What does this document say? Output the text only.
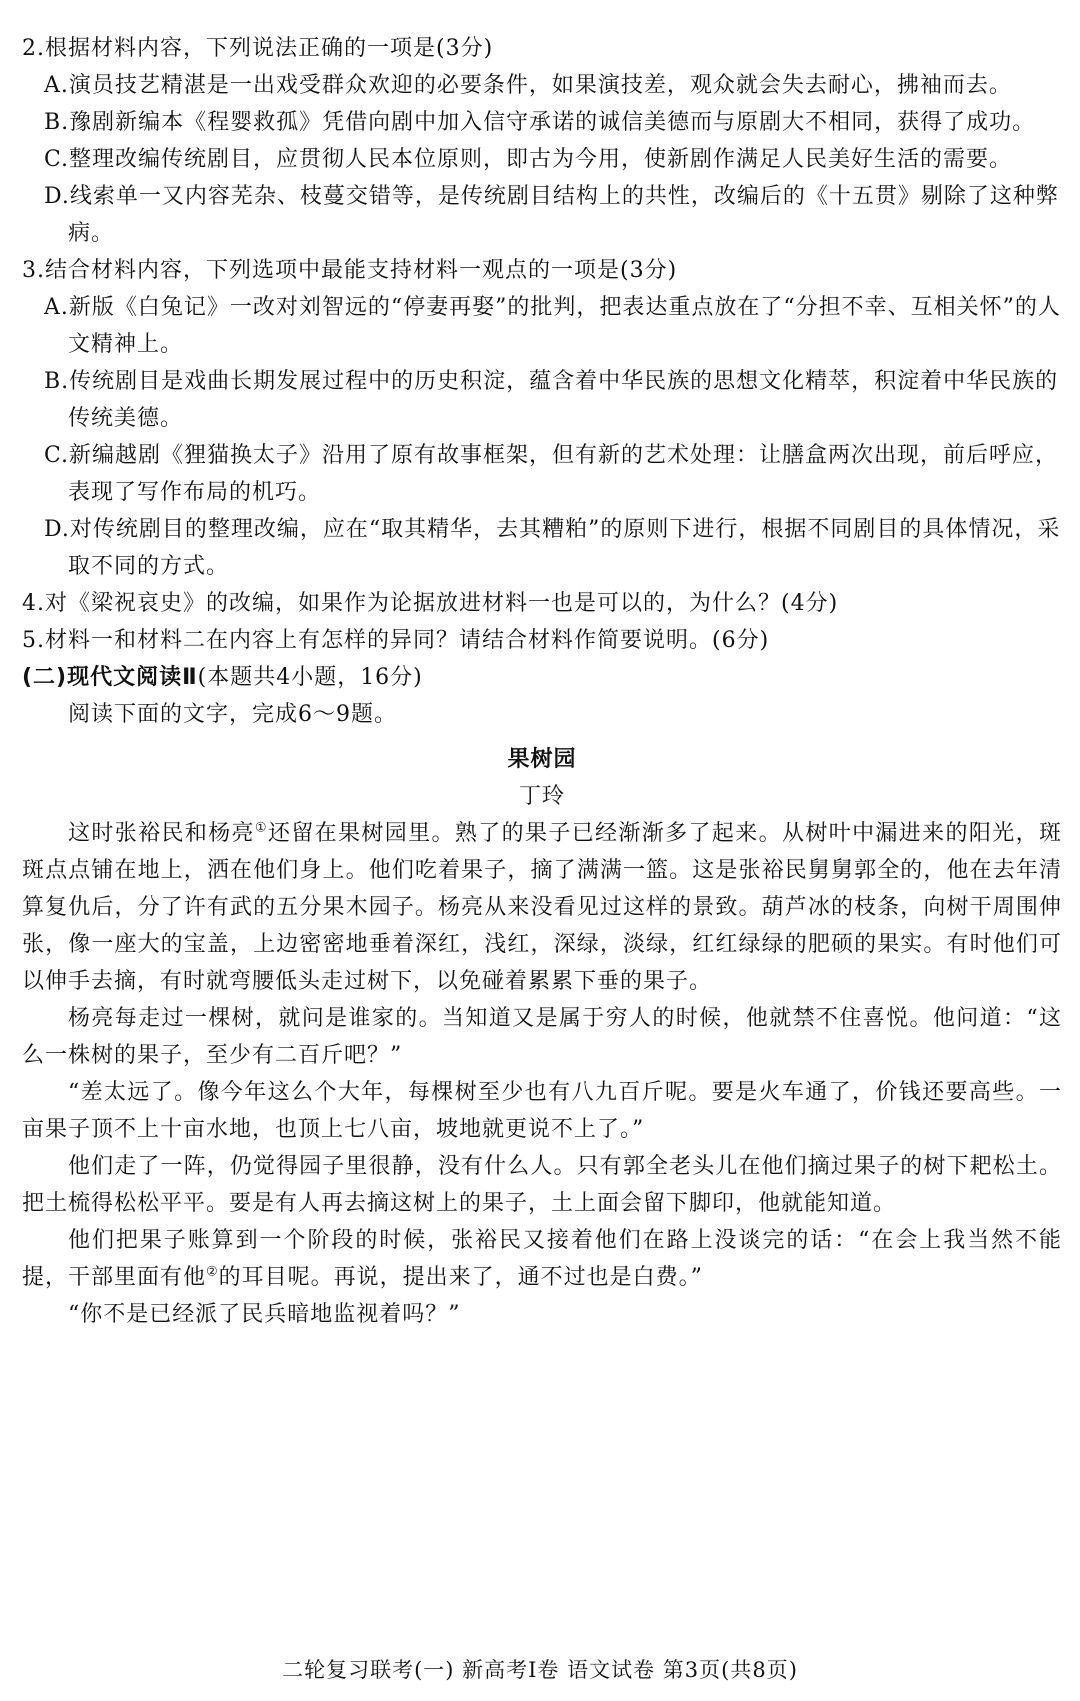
2.根据材料内容，下列说法正确的一项是(3分)

A.演员技艺精湛是一出戏受群众欢迎的必要条件，如果演技差，观众就会失去耐心，拂袖而去。

B.豫剧新编本《程婴救孤》凭借向剧中加入信守承诺的诚信美德而与原剧大不相同，获得了成功。

C.整理改编传统剧目，应贯彻人民本位原则，即古为今用，使新剧作满足人民美好生活的需要。

D.线索单一又内容芜杂、枝蔓交错等，是传统剧目结构上的共性，改编后的《十五贯》剔除了这种弊病。

3.结合材料内容，下列选项中最能支持材料一观点的一项是(3分)

A.新版《白兔记》一改对刘智远的“停妻再娶”的批判，把表达重点放在了“分担不幸、互相关怀”的人文精神上。

B.传统剧目是戏曲长期发展过程中的历史积淀，蕴含着中华民族的思想文化精萃，积淀着中华民族的传统美德。

C.新编越剧《狸猫换太子》沿用了原有故事框架，但有新的艺术处理：让膳盒两次出现，前后呼应，表现了写作布局的机巧。

D.对传统剧目的整理改编，应在“取其精华，去其糟粕”的原则下进行，根据不同剧目的具体情况，采取不同的方式。

4.对《梁祝哀史》的改编，如果作为论据放进材料一也是可以的，为什么？(4分)

5.材料一和材料二在内容上有怎样的异同？请结合材料作简要说明。(6分)

(二)现代文阅读Ⅱ(本题共4小题，16分)

阅读下面的文字，完成6～9题。

果树园

丁玲

这时张裕民和杨亮①还留在果树园里。熟了的果子已经渐渐多了起来。从树叶中漏进来的阳光，斑斑点点铺在地上，洒在他们身上。他们吃着果子，摘了满满一篮。这是张裕民舅舅郭全的，他在去年清算复仇后，分了许有武的五分果木园子。杨亮从来没看见过这样的景致。葫芦冰的枝条，向树干周围伸张，像一座大的宝盖，上边密密地垂着深红，浅红，深绿，淡绿，红红绿绿的肥硕的果实。有时他们可以伸手去摘，有时就弯腰低头走过树下，以免碰着累累下垂的果子。

杨亮每走过一棵树，就问是谁家的。当知道又是属于穷人的时候，他就禁不住喜悦。他问道：“这么一株树的果子，至少有二百斤吧？”

“差太远了。像今年这么个大年，每棵树至少也有八九百斤呢。要是火车通了，价钱还要高些。一亩果子顶不上十亩水地，也顶上七八亩，坡地就更说不上了。”

他们走了一阵，仍觉得园子里很静，没有什么人。只有郭全老头儿在他们摘过果子的树下耙松土。把土梳得松松平平。要是有人再去摘这树上的果子，土上面会留下脚印，他就能知道。

他们把果子账算到一个阶段的时候，张裕民又接着他们在路上没谈完的话：“在会上我当然不能提，干部里面有他②的耳目呢。再说，提出来了，通不过也是白费。”

“你不是已经派了民兵暗地监视着吗？”

二轮复习联考(一) 新高考Ⅰ卷 语文试卷 第3页(共8页)
